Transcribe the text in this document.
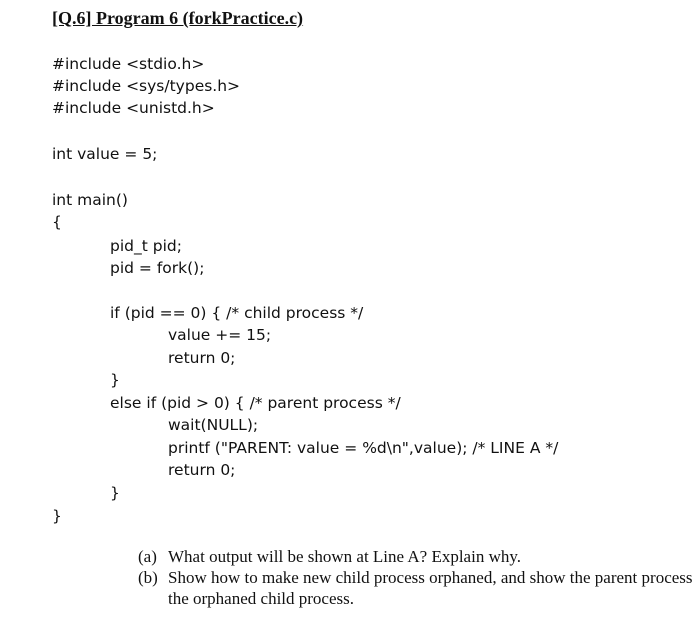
[Q.6] Program 6 (forkPractice.c)
#include <stdio.h>
#include <sys/types.h>
#include <unistd.h>
int value = 5;
int main()
{
pid_t pid;
pid = fork();
if (pid == 0) { /* child process */
value += 15;
return 0;
}
else if (pid > 0) { /* parent process */
wait(NULL);
printf ("PARENT: value = %d\n",value); /* LINE A */
return 0;
}
}
(a) What output will be shown at Line A? Explain why.
(b) Show how to make new child process orphaned, and show the parent process
the orphaned child process.
